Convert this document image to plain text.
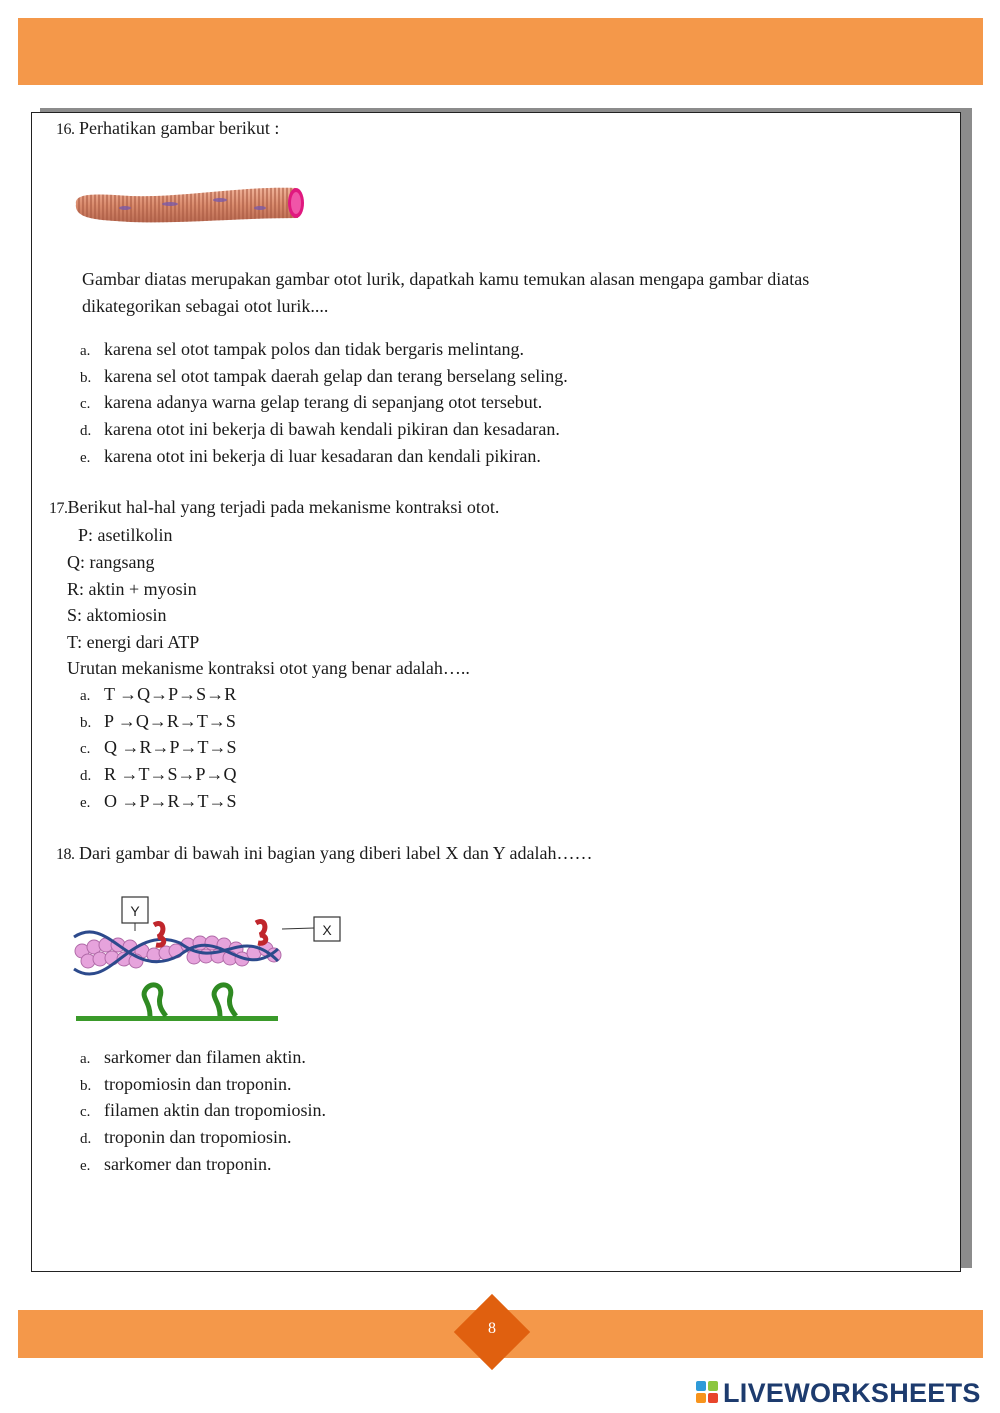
16. Perhatikan gambar berikut :
Gambar diatas merupakan gambar otot lurik, dapatkah kamu temukan alasan mengapa gambar diatas dikategorikan sebagai otot lurik....
a. karena sel otot tampak polos dan tidak bergaris melintang.
b. karena sel otot tampak daerah gelap dan terang berselang seling.
c. karena adanya warna gelap terang di sepanjang otot tersebut.
d. karena otot ini bekerja di bawah kendali pikiran dan kesadaran.
e. karena otot ini bekerja di luar kesadaran dan kendali pikiran.
17.Berikut hal-hal yang terjadi pada mekanisme kontraksi otot.
P: asetilkolin
Q: rangsang
R: aktin + myosin
S: aktomiosin
T: energi dari ATP
Urutan mekanisme kontraksi otot yang benar adalah…..
a. T →Q→P→S→R
b. P →Q→R→T→S
c. Q →R→P→T→S
d. R →T→S→P→Q
e. O →P→R→T→S
18. Dari gambar di bawah ini bagian yang diberi label X dan Y adalah……
Y
X
a. sarkomer dan filamen aktin.
b. tropomiosin dan troponin.
c. filamen aktin dan tropomiosin.
d. troponin dan tropomiosin.
e. sarkomer dan troponin.
8
LIVEWORKSHEETS
